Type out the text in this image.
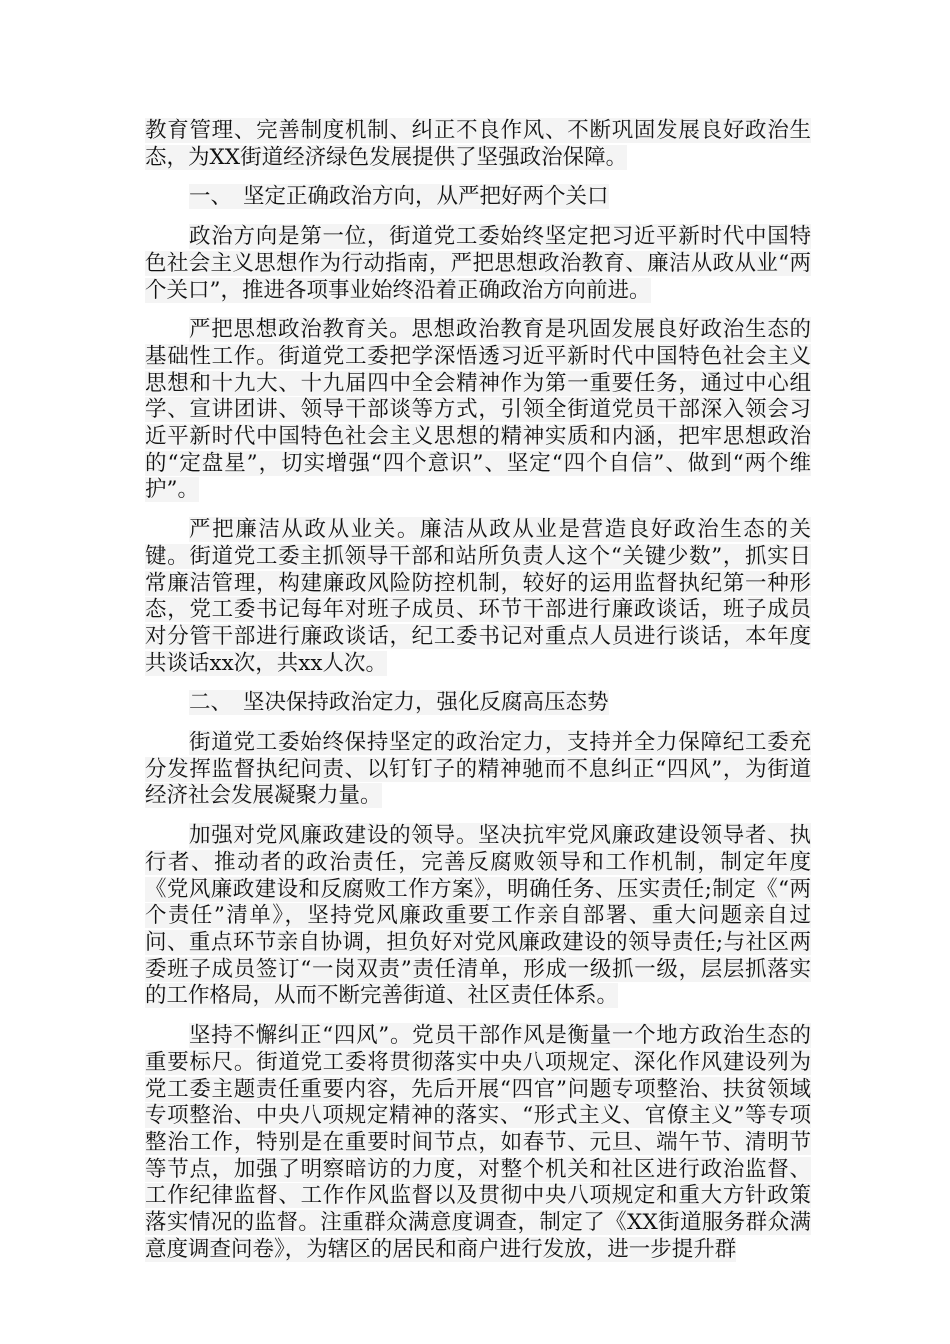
教育管理、完善制度机制、纠正不良作风、不断巩固发展良好政治生态，为XX街道经济绿色发展提供了坚强政治保障。

一、 坚定正确政治方向，从严把好两个关口

政治方向是第一位，街道党工委始终坚定把习近平新时代中国特色社会主义思想作为行动指南，严把思想政治教育、廉洁从政从业“两个关口”，推进各项事业始终沿着正确政治方向前进。

严把思想政治教育关。思想政治教育是巩固发展良好政治生态的基础性工作。街道党工委把学深悟透习近平新时代中国特色社会主义思想和十九大、十九届四中全会精神作为第一重要任务，通过中心组学、宣讲团讲、领导干部谈等方式，引领全街道党员干部深入领会习近平新时代中国特色社会主义思想的精神实质和内涵，把牢思想政治的“定盘星”，切实增强“四个意识”、坚定“四个自信”、做到“两个维护”。

严把廉洁从政从业关。廉洁从政从业是营造良好政治生态的关键。街道党工委主抓领导干部和站所负责人这个“关键少数”，抓实日常廉洁管理，构建廉政风险防控机制，较好的运用监督执纪第一种形态，党工委书记每年对班子成员、环节干部进行廉政谈话，班子成员对分管干部进行廉政谈话，纪工委书记对重点人员进行谈话，本年度共谈话xx次，共xx人次。

二、 坚决保持政治定力，强化反腐高压态势

街道党工委始终保持坚定的政治定力，支持并全力保障纪工委充分发挥监督执纪问责、以钉钉子的精神驰而不息纠正“四风”，为街道经济社会发展凝聚力量。

加强对党风廉政建设的领导。坚决抗牢党风廉政建设领导者、执行者、推动者的政治责任，完善反腐败领导和工作机制，制定年度《党风廉政建设和反腐败工作方案》，明确任务、压实责任;制定《“两个责任”清单》，坚持党风廉政重要工作亲自部署、重大问题亲自过问、重点环节亲自协调，担负好对党风廉政建设的领导责任;与社区两委班子成员签订“一岗双责”责任清单，形成一级抓一级，层层抓落实的工作格局，从而不断完善街道、社区责任体系。

坚持不懈纠正“四风”。党员干部作风是衡量一个地方政治生态的重要标尺。街道党工委将贯彻落实中央八项规定、深化作风建设列为党工委主题责任重要内容，先后开展“四官”问题专项整治、扶贫领域专项整治、中央八项规定精神的落实、“形式主义、官僚主义”等专项整治工作，特别是在重要时间节点，如春节、元旦、端午节、清明节等节点，加强了明察暗访的力度，对整个机关和社区进行政治监督、工作纪律监督、工作作风监督以及贯彻中央八项规定和重大方针政策落实情况的监督。注重群众满意度调查，制定了《XX街道服务群众满意度调查问卷》，为辖区的居民和商户进行发放，进一步提升群
